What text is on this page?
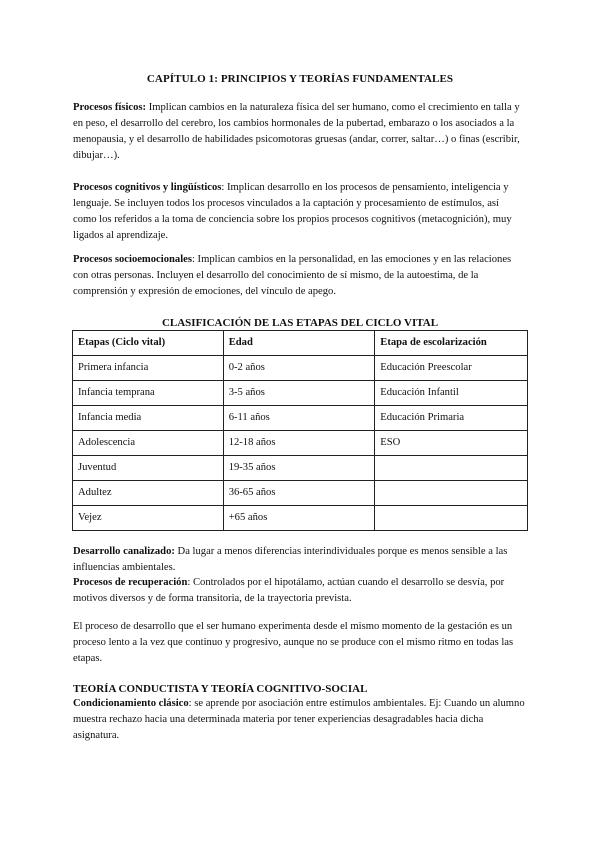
CAPÍTULO 1: PRINCIPIOS Y TEORÍAS FUNDAMENTALES

Procesos físicos: Implican cambios en la naturaleza física del ser humano, como el crecimiento en talla y en peso, el desarrollo del cerebro, los cambios hormonales de la pubertad, embarazo o los asociados a la menopausia, y el desarrollo de habilidades psicomotoras gruesas (andar, correr, saltar…) o finas (escribir, dibujar…).

Procesos cognitivos y lingüísticos: Implican desarrollo en los procesos de pensamiento, inteligencia y lenguaje. Se incluyen todos los procesos vinculados a la captación y procesamiento de estímulos, así como los referidos a la toma de conciencia sobre los propios procesos cognitivos (metacognición), muy ligados al aprendizaje.

Procesos socioemocionales: Implican cambios en la personalidad, en las emociones y en las relaciones con otras personas. Incluyen el desarrollo del conocimiento de sí mismo, de la autoestima, de la comprensión y expresión de emociones, del vínculo de apego.

CLASIFICACIÓN DE LAS ETAPAS DEL CICLO VITAL
Etapas (Ciclo vital)	Edad	Etapa de escolarización
Primera infancia	0-2 años	Educación Preescolar
Infancia temprana	3-5 años	Educación Infantil
Infancia media	6-11 años	Educación Primaria
Adolescencia	12-18 años	ESO
Juventud	19-35 años	
Adultez	36-65 años	
Vejez	+65 años	

Desarrollo canalizado: Da lugar a menos diferencias interindividuales porque es menos sensible a las influencias ambientales.

Procesos de recuperación: Controlados por el hipotálamo, actúan cuando el desarrollo se desvía, por motivos diversos y de forma transitoria, de la trayectoria prevista.

El proceso de desarrollo que el ser humano experimenta desde el mismo momento de la gestación es un proceso lento a la vez que continuo y progresivo, aunque no se produce con el mismo ritmo en todas las etapas.

TEORÍA CONDUCTISTA Y TEORÍA COGNITIVO-SOCIAL

Condicionamiento clásico: se aprende por asociación entre estímulos ambientales. Ej: Cuando un alumno muestra rechazo hacia una determinada materia por tener experiencias desagradables hacia dicha asignatura.
